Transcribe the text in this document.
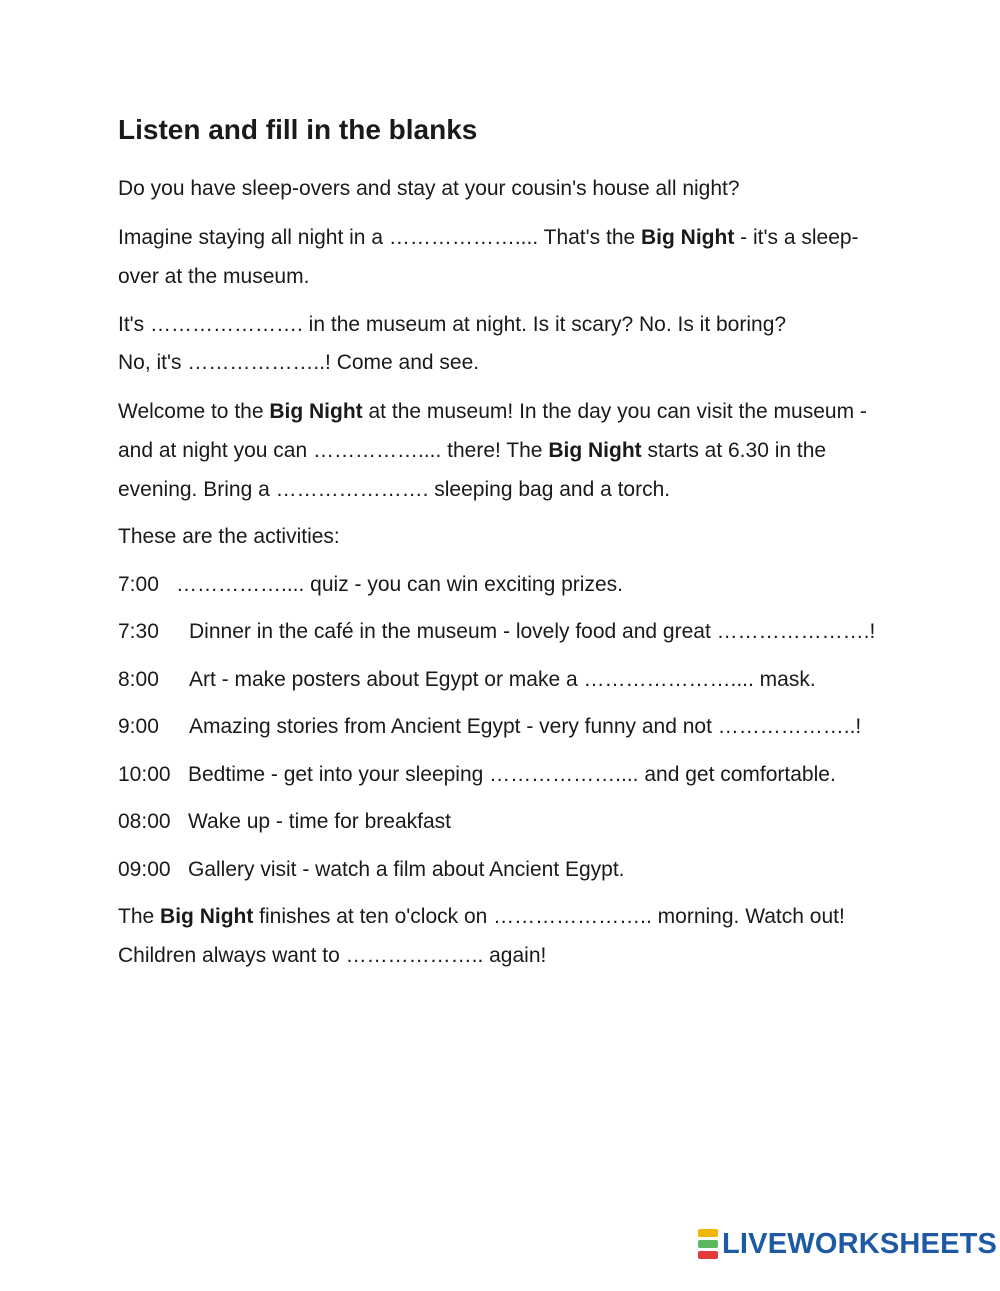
Listen and fill in the blanks

Do you have sleep-overs and stay at your cousin's house all night?

Imagine staying all night in a ……………….... That's the Big Night - it's a sleep-

over at the museum.

It's …………………. in the museum at night. Is it scary? No. Is it boring?

No, it's ………………..! Come and see.

Welcome to the Big Night at the museum! In the day you can visit the museum -

and at night you can …………….... there! The Big Night starts at 6.30 in the

evening. Bring a …………………. sleeping bag and a torch.

These are the activities:

7:00 …………….... quiz - you can win exciting prizes.

7:30 Dinner in the café in the museum - lovely food and great ………………….!

8:00 Art - make posters about Egypt or make a ………………….... mask.

9:00 Amazing stories from Ancient Egypt - very funny and not ………………..!

10:00 Bedtime - get into your sleeping ……………….... and get comfortable.

08:00 Wake up - time for breakfast

09:00 Gallery visit - watch a film about Ancient Egypt.

The Big Night finishes at ten o'clock on ………………….. morning. Watch out!

Children always want to ……………….. again!

LIVEWORKSHEETS
